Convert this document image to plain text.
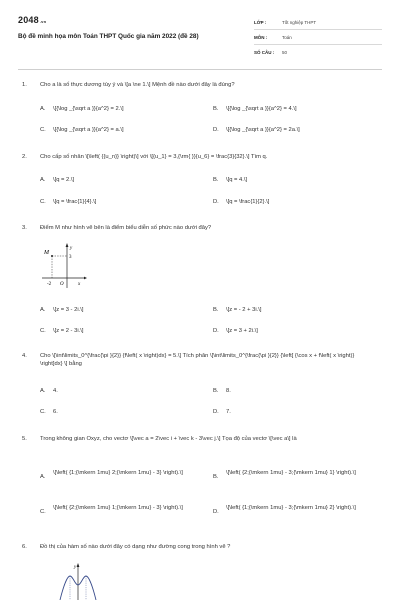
2048.vn
Bộ đề minh họa môn Toán THPT Quốc gia năm 2022 (đề 28)
LỚP :	Tốt nghiệp THPT
MÔN :	Toán
SỐ CÂU :	50
1.	Cho a là số thực dương tùy ý và \[a \ne 1.\] Mệnh đề nào dưới đây là đúng?
A.	\[{\log _{\sqrt a }}{a^2} = 2.\]	B.	\[{\log _{\sqrt a }}{a^2} = 4.\]
C.	\[{\log _{\sqrt a }}{a^2} = a.\]	D.	\[{\log _{\sqrt a }}{a^2} = 2a.\]
2.	Cho cấp số nhân \[\left( {{u_n}} \right)\] với \[{u_1} = 3,{\rm{ }}{u_6} = \frac{3}{32}.\] Tìm q.
A.	\[q = 2.\]	B.	\[q = 4.\]
C.	\[q = \frac{1}{4}.\]	D.	\[q = \frac{1}{2}.\]
3.	Điểm M như hình vẽ bên là điểm biểu diễn số phức nào dưới đây?
M
y
3
-2 O	x
A.	\[z = 3 - 2i.\]	B.	\[z = - 2 + 3i.\]
C.	\[z = 2 - 3i.\]	D.	\[z = 3 + 2i.\]
4.	Cho \[\int\limits_0^{\frac{\pi }{2}} {f\left( x \right)dx} = 5.\] Tích phân \[\int\limits_0^{\frac{\pi }{2}} {\left[ {\cos x + f\left( x \right)} \right]dx} \] bằng
A.	4.	B.	8.
C.	6.	D.	7.
5.	Trong không gian Oxyz, cho vectơ \[\vec a = 2\vec i + \vec k - 3\vec j.\] Tọa độ của vectơ \[\vec a\] là
A.
\[\left( {1;{\mkern 1mu} 2;{\mkern 1mu} - 3} \right).\]
B.
\[\left( {2;{\mkern 1mu} - 3;{\mkern 1mu} 1} \right).\]
C.
\[\left( {2;{\mkern 1mu} 1;{\mkern 1mu} - 3} \right).\]
D.
\[\left( {1;{\mkern 1mu} - 3;{\mkern 1mu} 2} \right).\]
6.	Đồ thị của hàm số nào dưới đây có dạng như đường cong trong hình vẽ ?
y
